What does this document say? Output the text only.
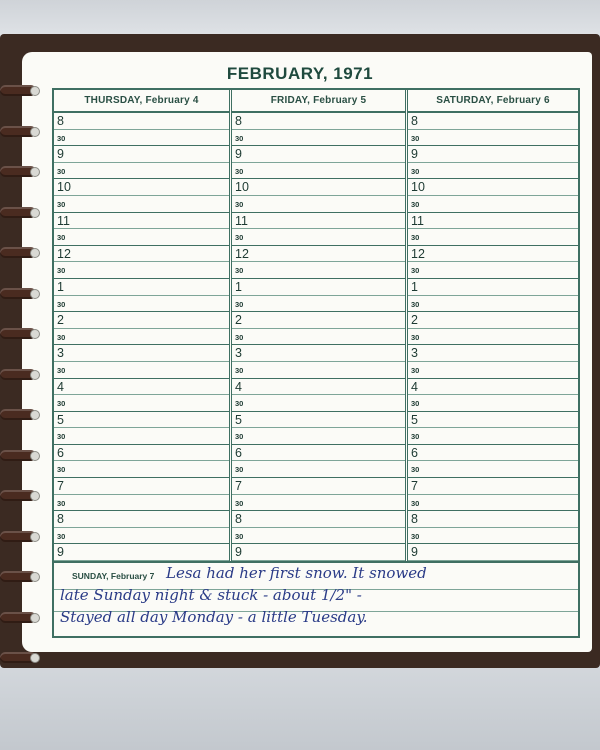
FEBRUARY, 1971
THURSDAY, February 4
8
30
9
30
10
30
11
30
12
30
1
30
2
30
3
30
4
30
5
30
6
30
7
30
8
30
9
FRIDAY, February 5
8
30
9
30
10
30
11
30
12
30
1
30
2
30
3
30
4
30
5
30
6
30
7
30
8
30
9
SATURDAY, February 6
8
30
9
30
10
30
11
30
12
30
1
30
2
30
3
30
4
30
5
30
6
30
7
30
8
30
9
SUNDAY, February 7 Lesa had her first snow. It snowed
late Sunday night & stuck - about 1/2" -
Stayed all day Monday - a little Tuesday.
